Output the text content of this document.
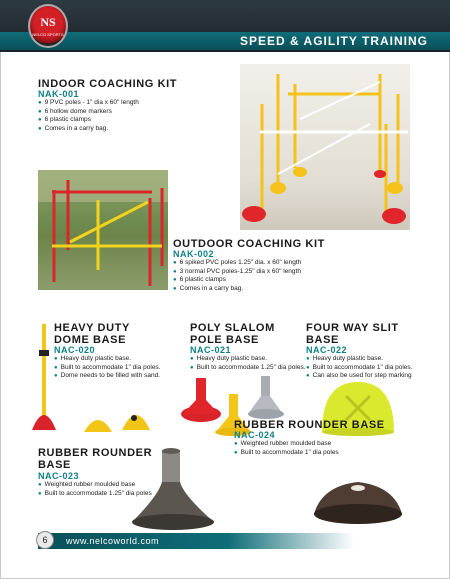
NS
NELCO SPORTS	SPEED & AGILITY TRAINING
INDOOR COACHING KIT
NAK-001
● 9 PVC poles - 1" dia x 60" length
● 6 hollow dome markers
● 6 plastic clamps
● Comes in a carry bag.
OUTDOOR COACHING KIT
NAK-002
● 6 spiked PVC poles 1.25" dia. x 60" length
● 3 normal PVC poles-1.25" dia x 60" length
● 6 plastic clamps
● Comes in a carry bag.
HEAVY DUTY
DOME BASE
NAC-020
● Heavy duty plastic base.
● Built to accommodate 1" dia poles.
● Dome needs to be filled with sand.
POLY SLALOM
POLE BASE
NAC-021
● Heavy duty plastic base.
● Built to accommodate 1.25" dia poles.
FOUR WAY SLIT
BASE
NAC-022
● Heavy duty plastic base.
● Built to accommodate 1" dia poles.
● Can also be used for step marking
RUBBER ROUNDER
BASE
NAC-023
● Weighted rubber moulded base
● Built to accommodate 1.25" dia poles
RUBBER ROUNDER BASE
NAC-024
● Weighted rubber moulded base
● Built to accommodate 1" dia poles
6	www.nelcoworld.com
